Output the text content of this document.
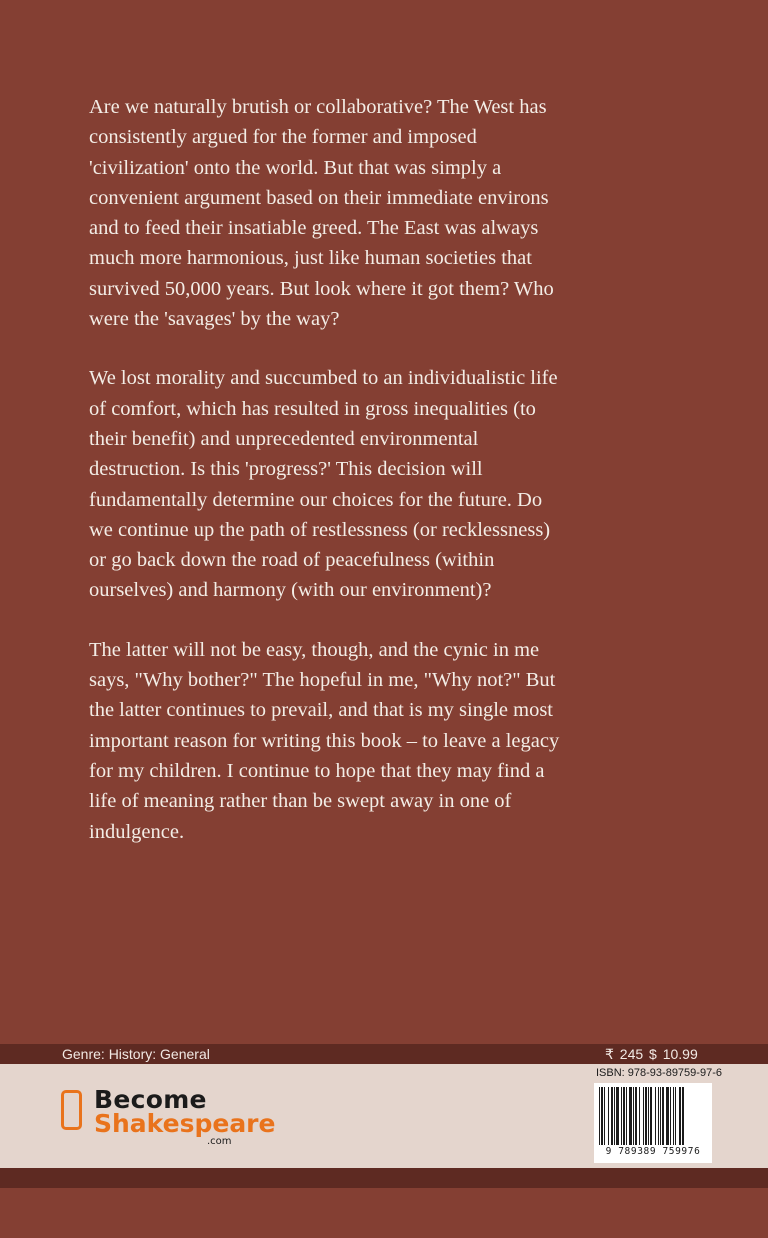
Are we naturally brutish or collaborative? The West has consistently argued for the former and imposed 'civilization' onto the world. But that was simply a convenient argument based on their immediate environs and to feed their insatiable greed. The East was always much more harmonious, just like human societies that survived 50,000 years. But look where it got them? Who were the 'savages' by the way?

We lost morality and succumbed to an individualistic life of comfort, which has resulted in gross inequalities (to their benefit) and unprecedented environmental destruction. Is this 'progress?' This decision will fundamentally determine our choices for the future. Do we continue up the path of restlessness (or recklessness) or go back down the road of peacefulness (within ourselves) and harmony (with our environment)?

The latter will not be easy, though, and the cynic in me says, "Why bother?" The hopeful in me, "Why not?" But the latter continues to prevail, and that is my single most important reason for writing this book – to leave a legacy for my children. I continue to hope that they may find a life of meaning rather than be swept away in one of indulgence.

Genre: History: General	₹ 245 $ 10.99
Become
Shakespeare
.com
ISBN: 978-93-89759-97-6
9 789389 759976
